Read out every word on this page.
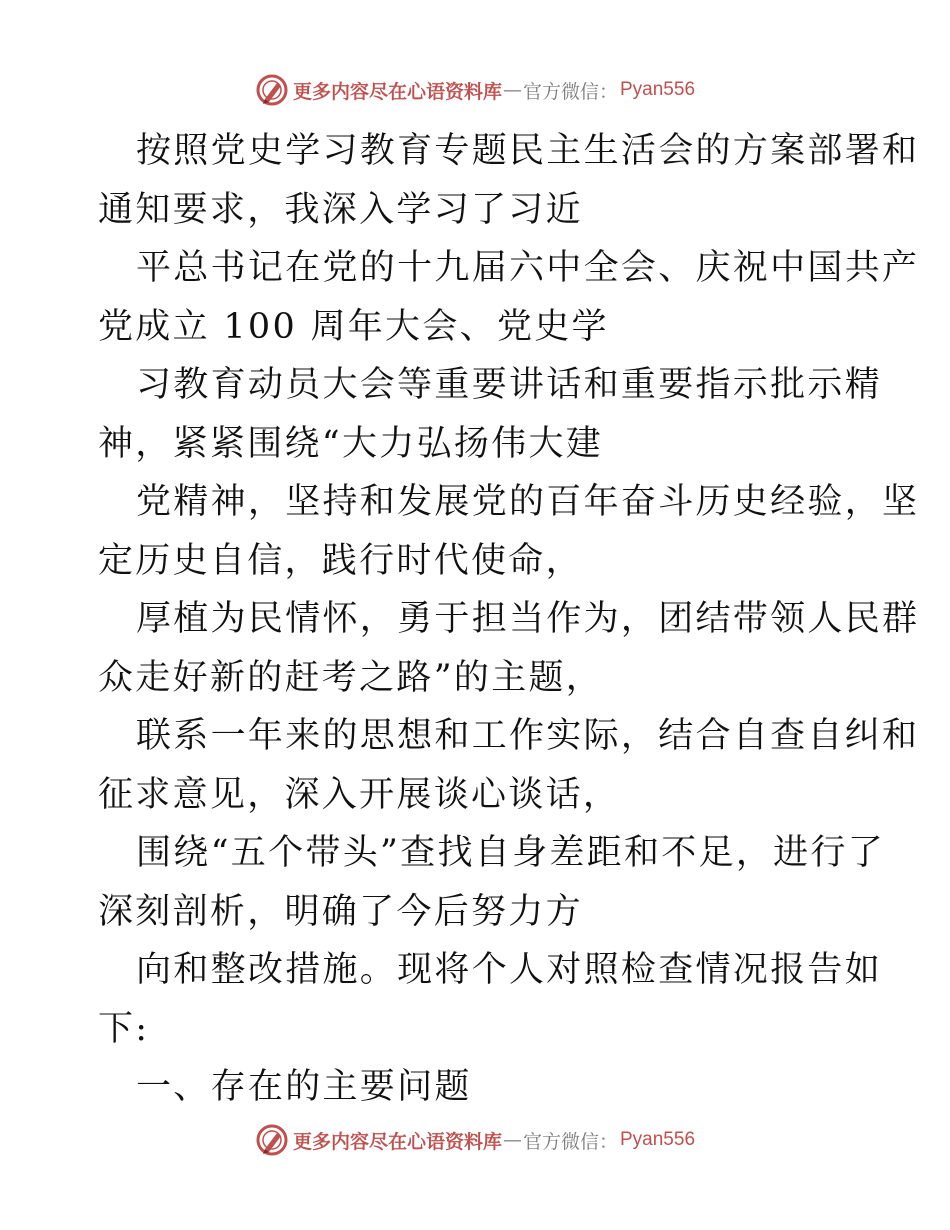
更多内容尽在心语资料库 — 官方微信： Pyan556
按照党史学习教育专题民主生活会的方案部署和
通知要求，我深入学习了习近
平总书记在党的十九届六中全会、庆祝中国共产
党成立 100 周年大会、党史学
习教育动员大会等重要讲话和重要指示批示精
神，紧紧围绕“大力弘扬伟大建
党精神，坚持和发展党的百年奋斗历史经验，坚
定历史自信，践行时代使命，
厚植为民情怀，勇于担当作为，团结带领人民群
众走好新的赶考之路”的主题，
联系一年来的思想和工作实际，结合自查自纠和
征求意见，深入开展谈心谈话，
围绕“五个带头”查找自身差距和不足，进行了
深刻剖析，明确了今后努力方
向和整改措施。现将个人对照检查情况报告如
下:
一、存在的主要问题
更多内容尽在心语资料库 — 官方微信： Pyan556
